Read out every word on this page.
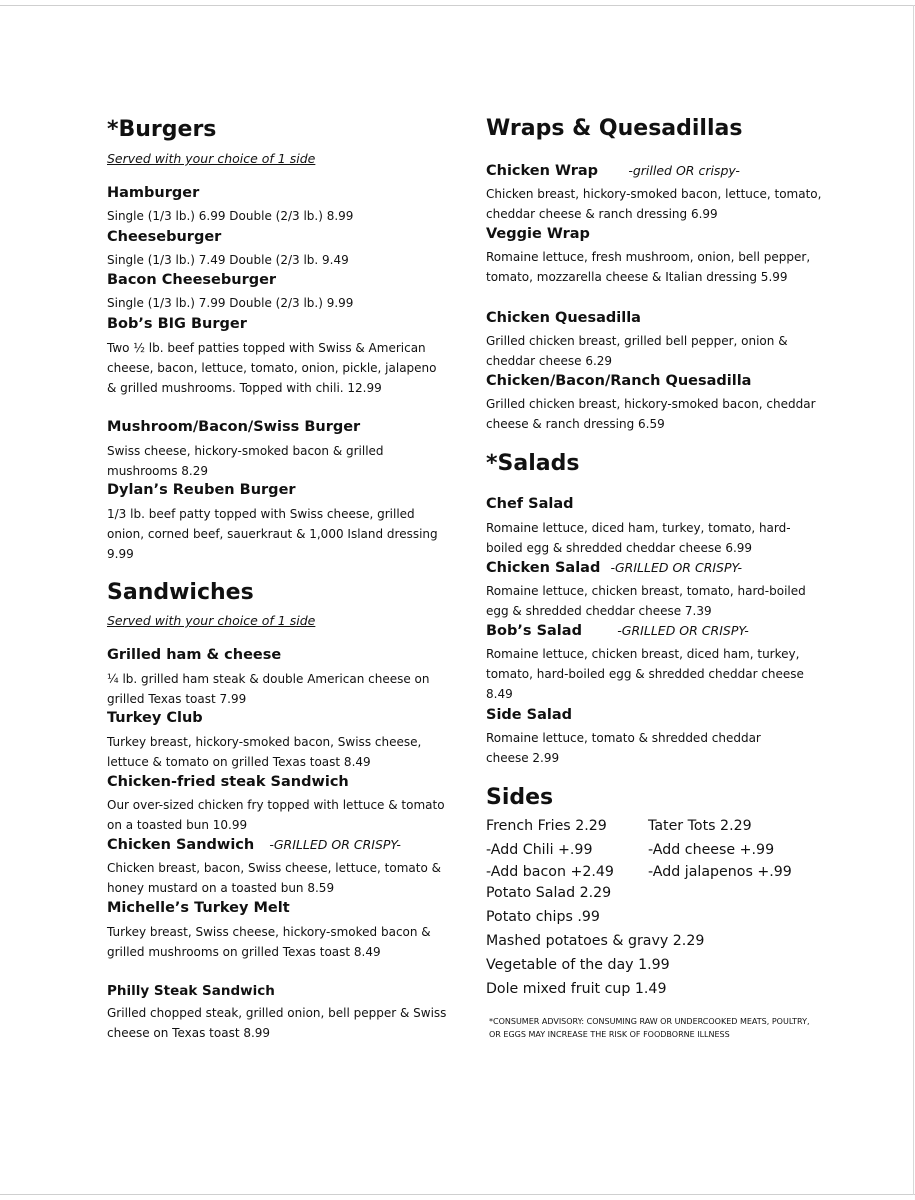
*Burgers
Served with your choice of 1 side
Hamburger
Single (1/3 lb.) 6.99 Double (2/3 lb.) 8.99
Cheeseburger
Single (1/3 lb.) 7.49 Double (2/3 lb. 9.49
Bacon Cheeseburger
Single (1/3 lb.) 7.99 Double (2/3 lb.) 9.99
Bob’s BIG Burger
Two ½ lb. beef patties topped with Swiss & American cheese, bacon, lettuce, tomato, onion, pickle, jalapeno & grilled mushrooms. Topped with chili. 12.99
Mushroom/Bacon/Swiss Burger
Swiss cheese, hickory-smoked bacon & grilled mushrooms 8.29
Dylan’s Reuben Burger
1/3 lb. beef patty topped with Swiss cheese, grilled onion, corned beef, sauerkraut & 1,000 Island dressing 9.99
Sandwiches
Served with your choice of 1 side
Grilled ham & cheese
¼ lb. grilled ham steak & double American cheese on grilled Texas toast 7.99
Turkey Club
Turkey breast, hickory-smoked bacon, Swiss cheese, lettuce & tomato on grilled Texas toast 8.49
Chicken-fried steak Sandwich
Our over-sized chicken fry topped with lettuce & tomato on a toasted bun 10.99
Chicken Sandwich -GRILLED OR CRISPY-
Chicken breast, bacon, Swiss cheese, lettuce, tomato & honey mustard on a toasted bun 8.59
Michelle’s Turkey Melt
Turkey breast, Swiss cheese, hickory-smoked bacon & grilled mushrooms on grilled Texas toast 8.49
Philly Steak Sandwich
Grilled chopped steak, grilled onion, bell pepper & Swiss cheese on Texas toast 8.99
Wraps & Quesadillas
Chicken Wrap -grilled OR crispy-
Chicken breast, hickory-smoked bacon, lettuce, tomato, cheddar cheese & ranch dressing 6.99
Veggie Wrap
Romaine lettuce, fresh mushroom, onion, bell pepper, tomato, mozzarella cheese & Italian dressing 5.99
Chicken Quesadilla
Grilled chicken breast, grilled bell pepper, onion & cheddar cheese 6.29
Chicken/Bacon/Ranch Quesadilla
Grilled chicken breast, hickory-smoked bacon, cheddar cheese & ranch dressing 6.59
*Salads
Chef Salad
Romaine lettuce, diced ham, turkey, tomato, hard-boiled egg & shredded cheddar cheese 6.99
Chicken Salad -GRILLED OR CRISPY-
Romaine lettuce, chicken breast, tomato, hard-boiled egg & shredded cheddar cheese 7.39
Bob’s Salad	-GRILLED OR CRISPY-
Romaine lettuce, chicken breast, diced ham, turkey, tomato, hard-boiled egg & shredded cheddar cheese 8.49
Side Salad
Romaine lettuce, tomato & shredded cheddar cheese 2.99
Sides
French Fries 2.29
-Add Chili +.99
-Add bacon +2.49
Tater Tots 2.29
-Add cheese +.99
-Add jalapenos +.99
Potato Salad 2.29
Potato chips .99
Mashed potatoes & gravy 2.29
Vegetable of the day 1.99
Dole mixed fruit cup 1.49
*CONSUMER ADVISORY: CONSUMING RAW OR UNDERCOOKED MEATS, POULTRY, OR EGGS MAY INCREASE THE RISK OF FOODBORNE ILLNESS
